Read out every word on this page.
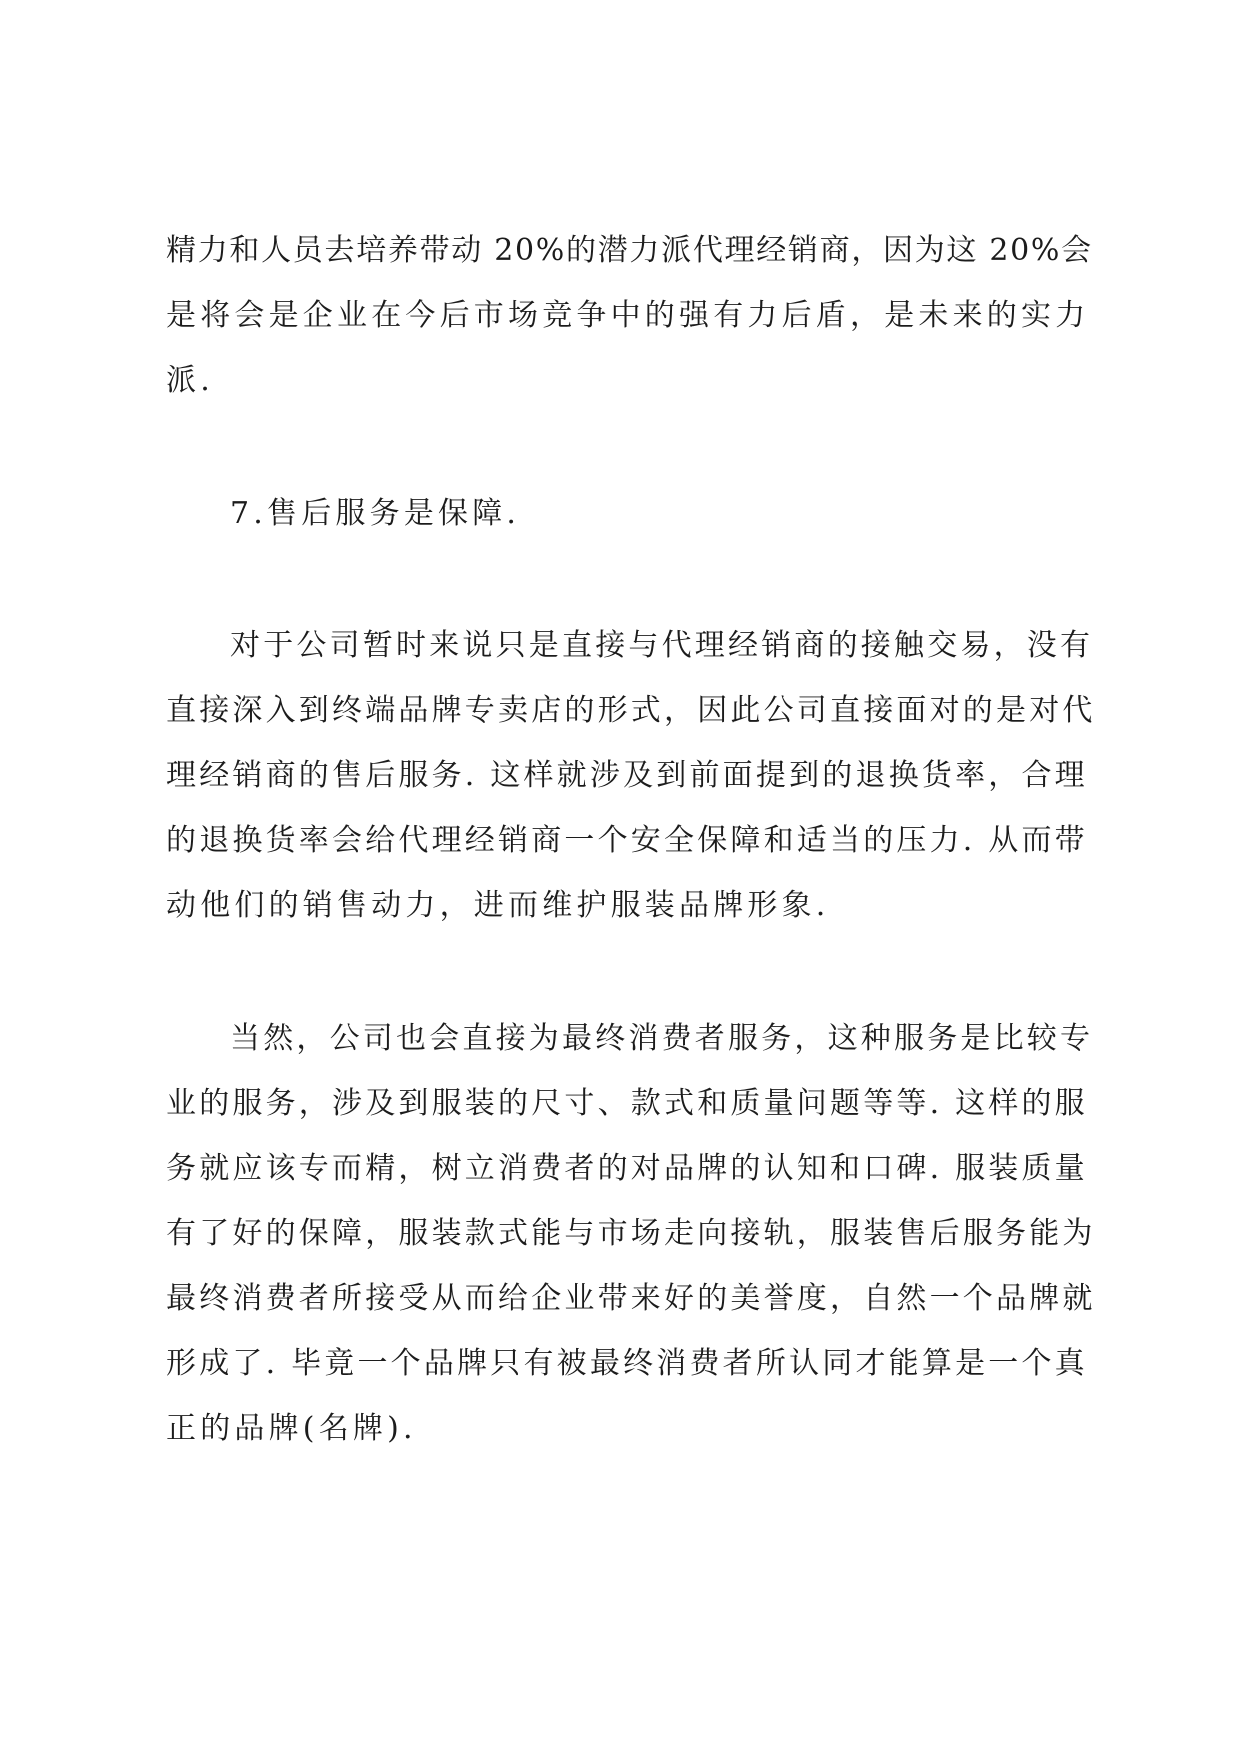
精力和人员去培养带动 20%的潜力派代理经销商，因为这 20%会
是将会是企业在今后市场竞争中的强有力后盾，是未来的实力
派.
7.售后服务是保障.
对于公司暂时来说只是直接与代理经销商的接触交易，没有
直接深入到终端品牌专卖店的形式，因此公司直接面对的是对代
理经销商的售后服务. 这样就涉及到前面提到的退换货率，合理
的退换货率会给代理经销商一个安全保障和适当的压力. 从而带
动他们的销售动力，进而维护服装品牌形象.
当然，公司也会直接为最终消费者服务，这种服务是比较专
业的服务，涉及到服装的尺寸、款式和质量问题等等. 这样的服
务就应该专而精，树立消费者的对品牌的认知和口碑. 服装质量
有了好的保障，服装款式能与市场走向接轨，服装售后服务能为
最终消费者所接受从而给企业带来好的美誉度，自然一个品牌就
形成了. 毕竟一个品牌只有被最终消费者所认同才能算是一个真
正的品牌(名牌).
